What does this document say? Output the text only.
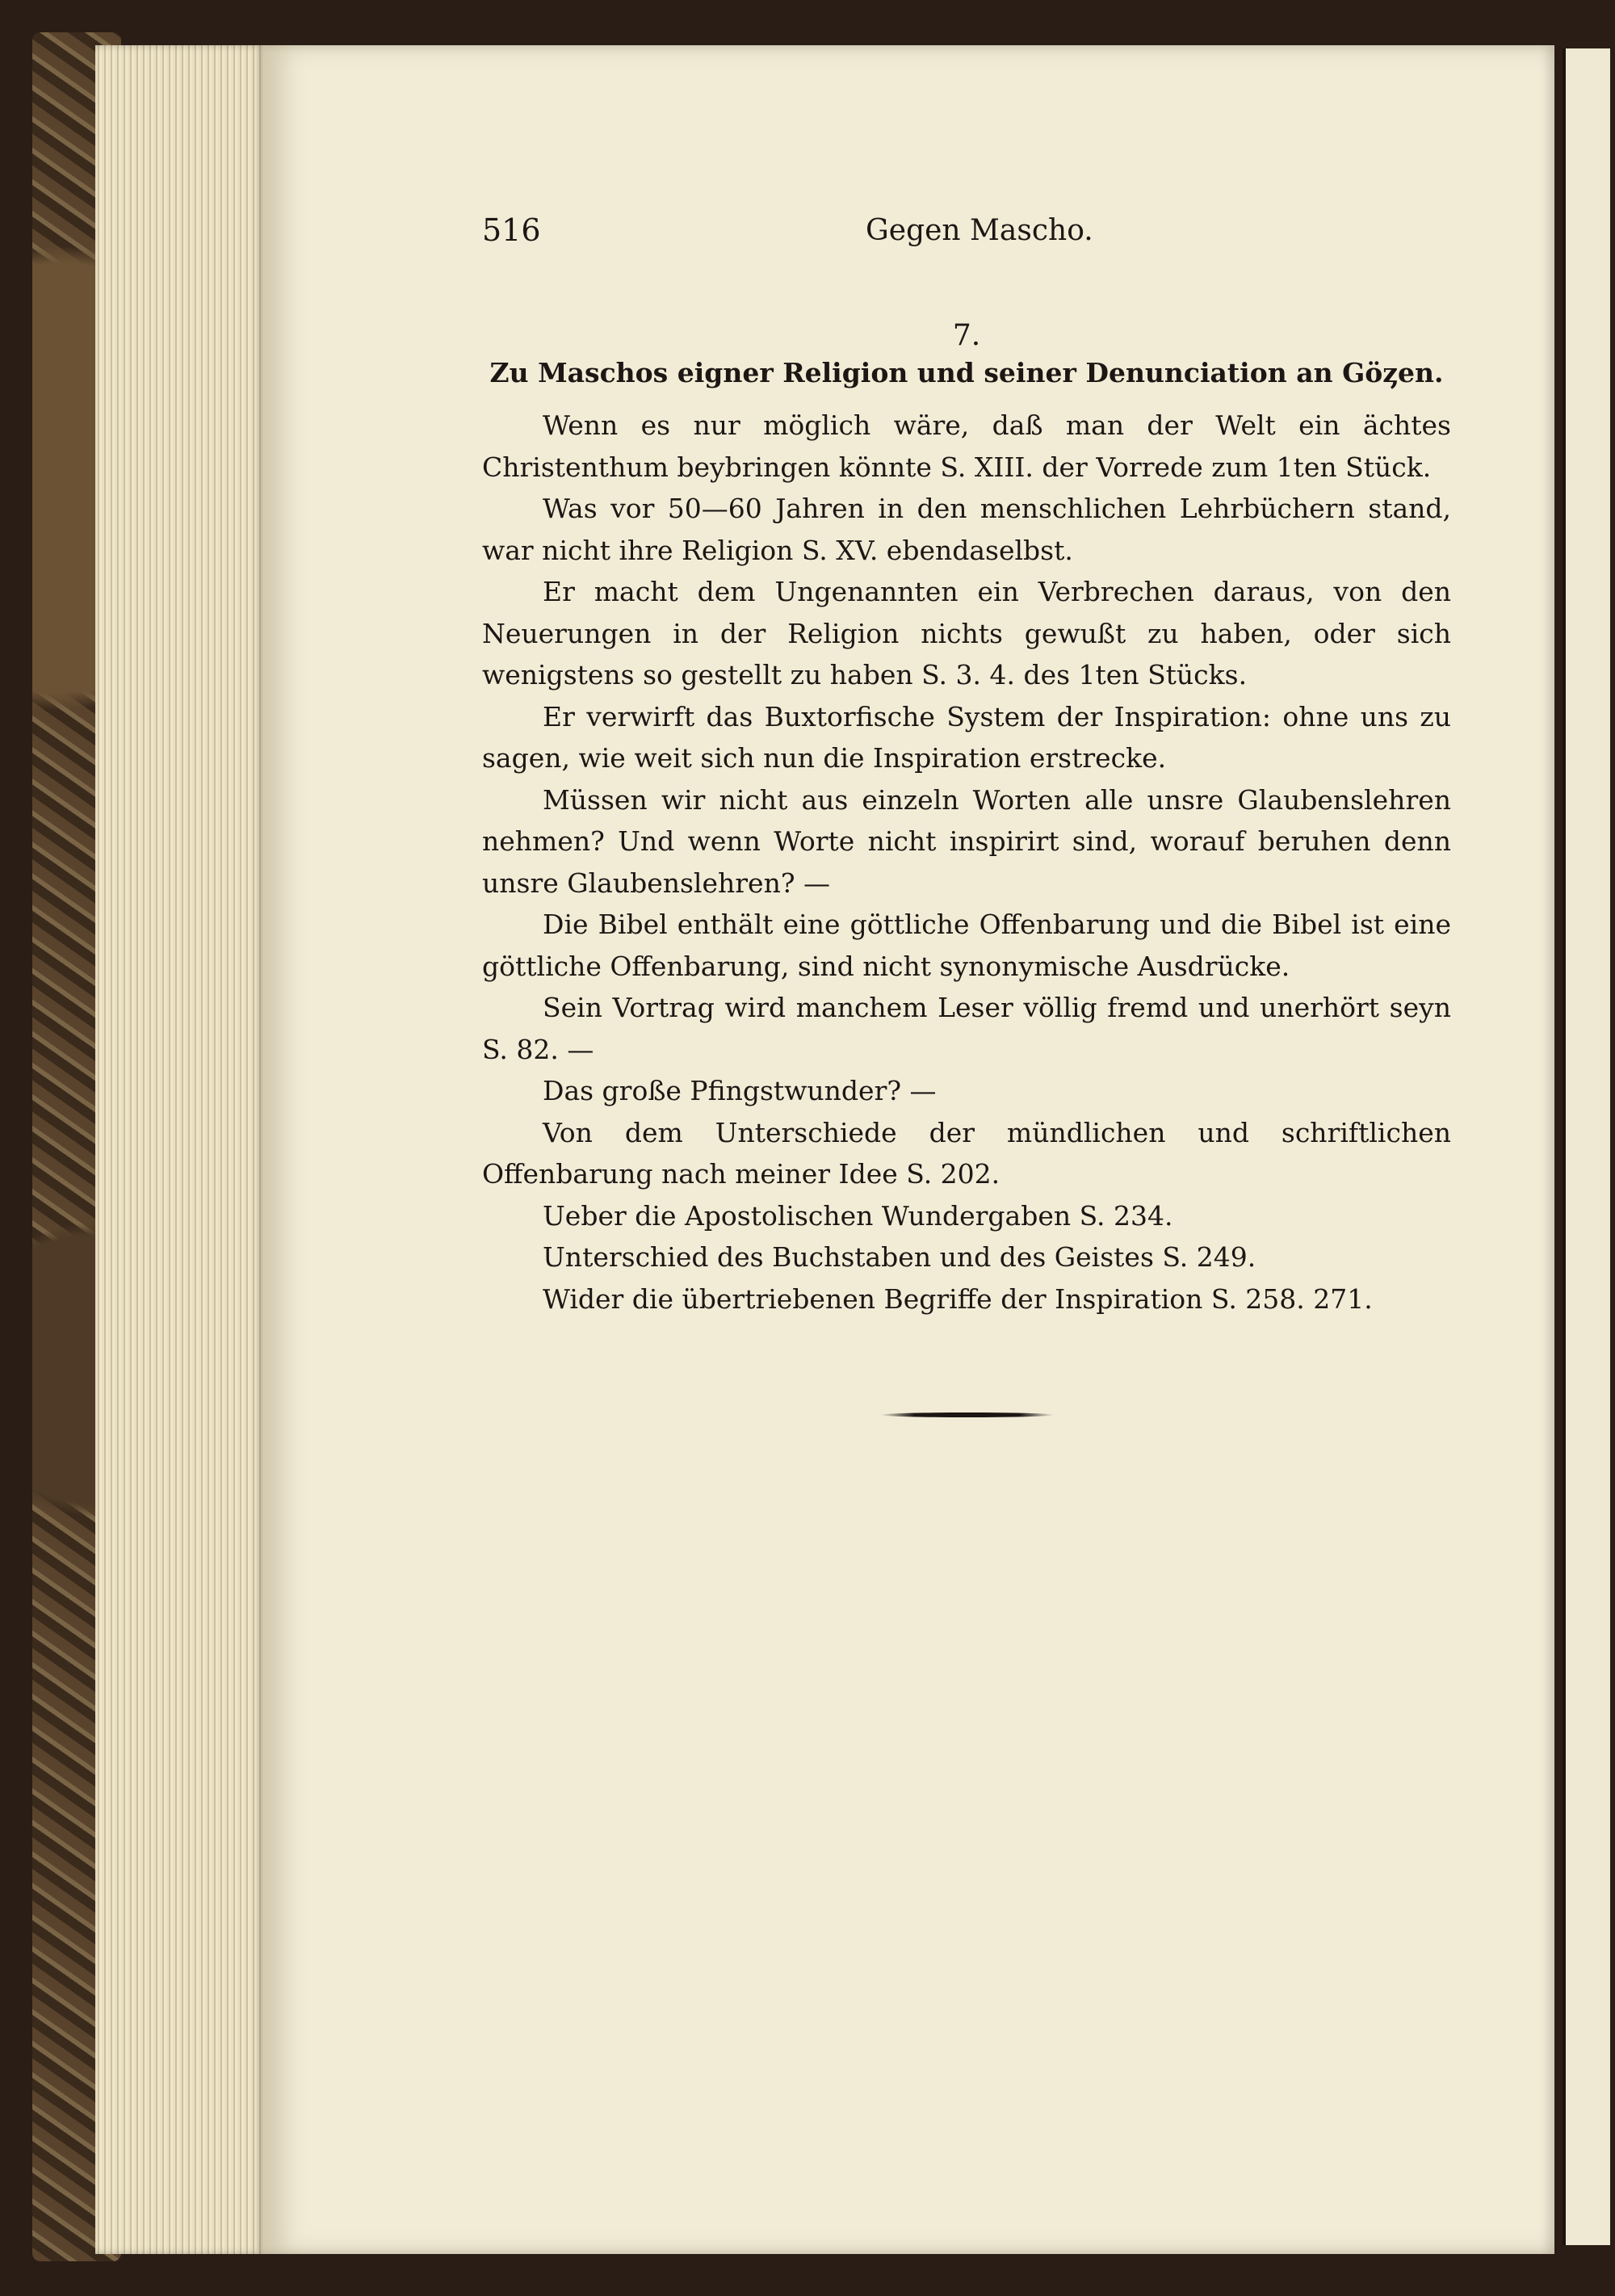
516	Gegen Mascho.
7.
Zu Maschos eigner Religion und seiner Denunciation an Göȥen.

Wenn es nur möglich wäre, daß man der Welt ein ächtes Christenthum beybringen könnte S. XIII. der Vorrede zum 1ten Stück.

Was vor 50—60 Jahren in den menschlichen Lehrbüchern stand, war nicht ihre Religion S. XV. ebendaselbst.

Er macht dem Ungenannten ein Verbrechen daraus, von den Neuerungen in der Religion nichts gewußt zu haben, oder sich wenigstens so gestellt zu haben S. 3. 4. des 1ten Stücks.

Er verwirft das Buxtorfische System der Inspiration: ohne uns zu sagen, wie weit sich nun die Inspiration erstrecke.

Müssen wir nicht aus einzeln Worten alle unsre Glaubenslehren nehmen? Und wenn Worte nicht inspirirt sind, worauf beruhen denn unsre Glaubenslehren? —

Die Bibel enthält eine göttliche Offenbarung und die Bibel ist eine göttliche Offenbarung, sind nicht synonymische Ausdrücke.

Sein Vortrag wird manchem Leser völlig fremd und unerhört seyn S. 82. —

Das große Pfingstwunder? —

Von dem Unterschiede der mündlichen und schriftlichen Offenbarung nach meiner Idee S. 202.

Ueber die Apostolischen Wundergaben S. 234.

Unterschied des Buchstaben und des Geistes S. 249.

Wider die übertriebenen Begriffe der Inspiration S. 258. 271.
